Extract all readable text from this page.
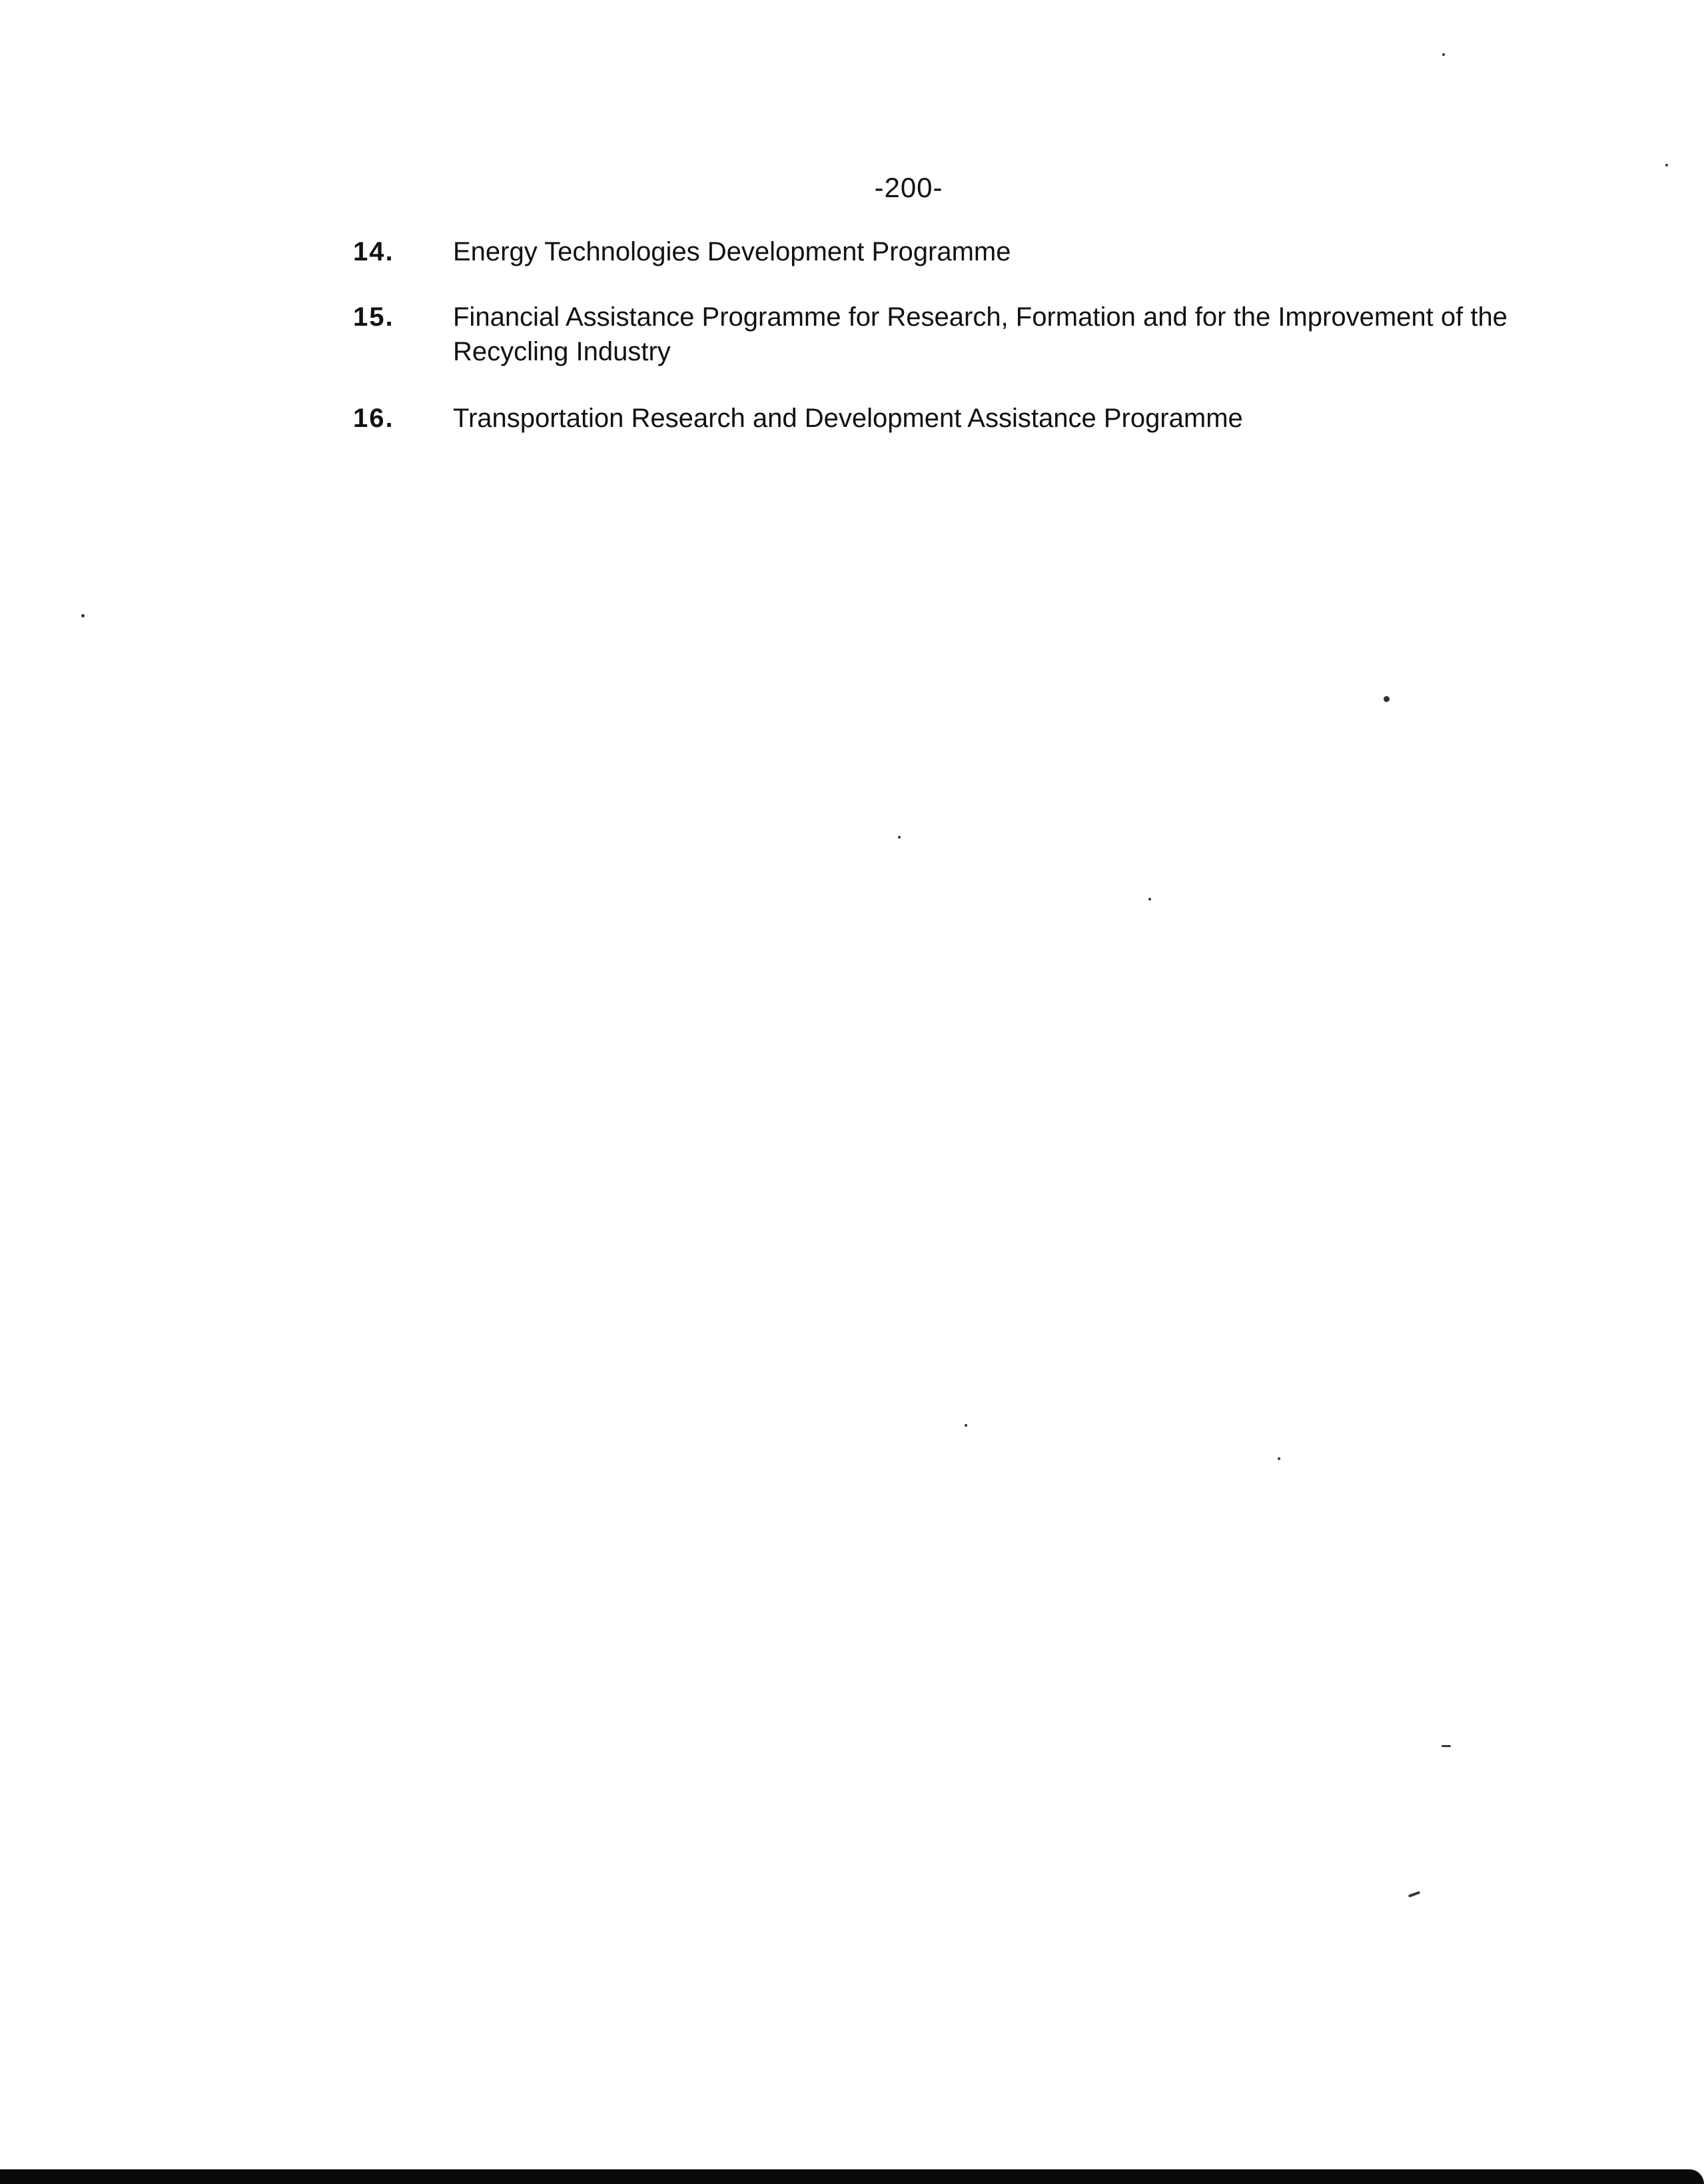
-200-
14.	Energy Technologies Development Programme
15.	Financial Assistance Programme for Research, Formation and for the Improvement of the Recycling Industry
16.	Transportation Research and Development Assistance Programme
